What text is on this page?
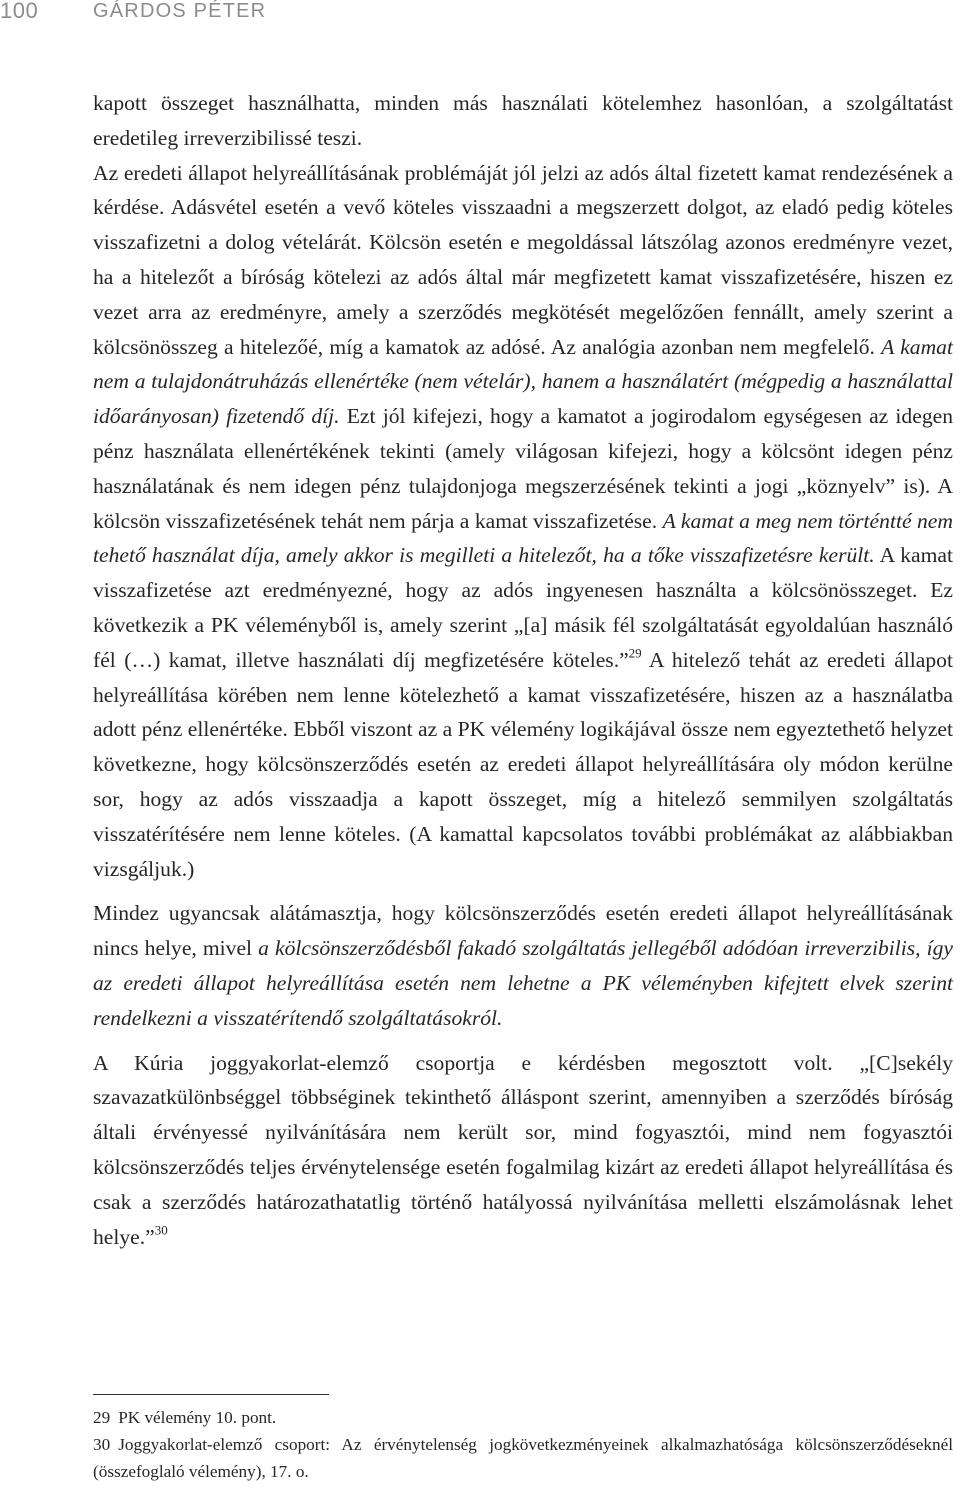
100	GÁRDOS PÉTER

kapott összeget használhatta, minden más használati kötelemhez hasonlóan, a szolgáltatást eredetileg irreverzibilissé teszi.

Az eredeti állapot helyreállításának problémáját jól jelzi az adós által fizetett kamat rendezésének a kérdése. Adásvétel esetén a vevő köteles visszaadni a megszerzett dolgot, az eladó pedig köteles visszafizetni a dolog vételárát. Kölcsön esetén e megoldással látszólag azonos eredményre vezet, ha a hitelezőt a bíróság kötelezi az adós által már megfizetett kamat visszafizetésére, hiszen ez vezet arra az eredményre, amely a szerződés megkötését megelőzően fennállt, amely szerint a kölcsönösszeg a hitelezőé, míg a kamatok az adósé. Az analógia azonban nem megfelelő. A kamat nem a tulajdonátruházás ellenértéke (nem vételár), hanem a használatért (mégpedig a használattal időarányosan) fizetendő díj. Ezt jól kifejezi, hogy a kamatot a jogirodalom egységesen az idegen pénz használata ellenértékének tekinti (amely világosan kifejezi, hogy a kölcsönt idegen pénz használatának és nem idegen pénz tulajdonjoga megszerzésének tekinti a jogi „köznyelv” is). A kölcsön visszafizetésének tehát nem párja a kamat visszafizetése. A kamat a meg nem történtté nem tehető használat díja, amely akkor is megilleti a hitelezőt, ha a tőke visszafizetésre került. A kamat visszafizetése azt eredményezné, hogy az adós ingyenesen használta a kölcsönösszeget. Ez következik a PK véleményből is, amely szerint „[a] másik fél szolgáltatását egyoldalúan használó fél (…) kamat, illetve használati díj megfizetésére köteles.”$^{29}$ A hitelező tehát az eredeti állapot helyreállítása körében nem lenne kötelezhető a kamat visszafizetésére, hiszen az a használatba adott pénz ellenértéke. Ebből viszont az a PK vélemény logikájával össze nem egyeztethető helyzet következne, hogy kölcsönszerződés esetén az eredeti állapot helyreállítására oly módon kerülne sor, hogy az adós visszaadja a kapott összeget, míg a hitelező semmilyen szolgáltatás visszatérítésére nem lenne köteles. (A kamattal kapcsolatos további problémákat az alábbiakban vizsgáljuk.)

Mindez ugyancsak alátámasztja, hogy kölcsönszerződés esetén eredeti állapot helyreállításának nincs helye, mivel a kölcsönszerződésből fakadó szolgáltatás jellegéből adódóan irreverzibilis, így az eredeti állapot helyreállítása esetén nem lehetne a PK véleményben kifejtett elvek szerint rendelkezni a visszatérítendő szolgáltatásokról.

A Kúria joggyakorlat-elemző csoportja e kérdésben megosztott volt. „[C]sekély szavazatkülönbséggel többséginek tekinthető álláspont szerint, amennyiben a szerződés bíróság általi érvényessé nyilvánítására nem került sor, mind fogyasztói, mind nem fogyasztói kölcsönszerződés teljes érvénytelensége esetén fogalmilag kizárt az eredeti állapot helyreállítása és csak a szerződés határozathatatlig történő hatályossá nyilvánítása melletti elszámolásnak lehet helye.”$^{30}$

29 PK vélemény 10. pont.

30 Joggyakorlat-elemző csoport: Az érvénytelenség jogkövetkezményeinek alkalmazhatósága kölcsönszerződéseknél (összefoglaló vélemény), 17. o.
